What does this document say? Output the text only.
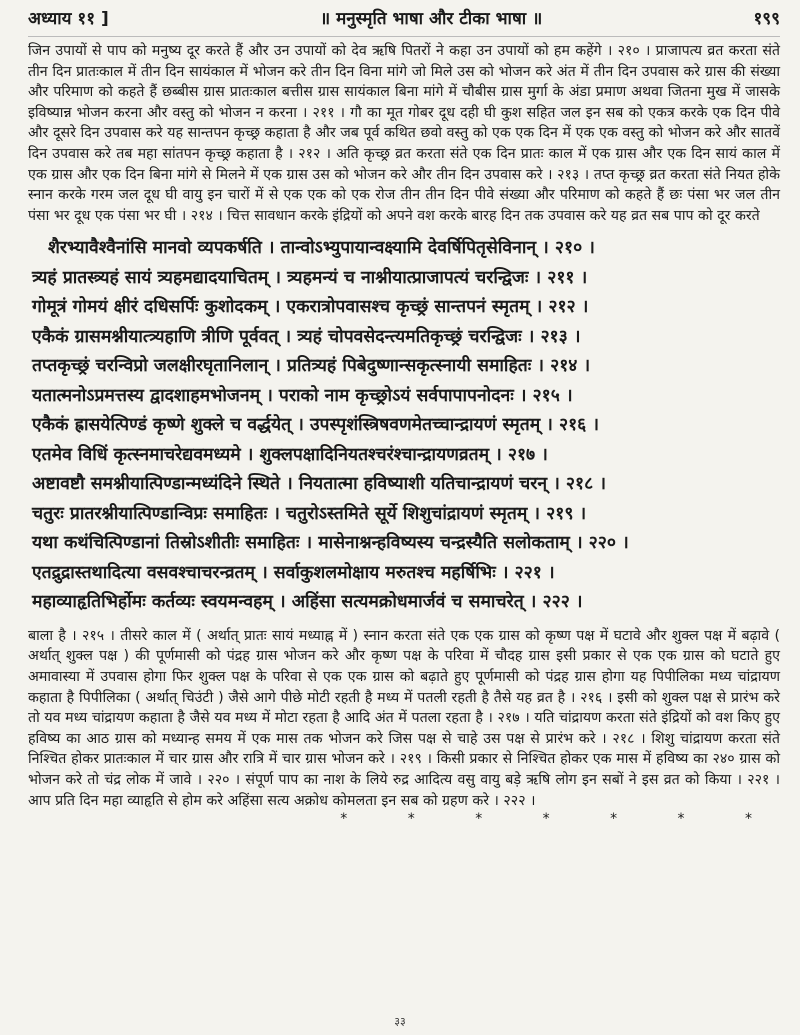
अध्याय ११ ]	॥ मनुस्मृति भाषा और टीका भाषा ॥	१९९

जिन उपायों से पाप को मनुष्य दूर करते हैं और उन उपायों को देव ऋषि पितरों ने कहा उन उपायों को हम कहेंगे । २१० । प्राजापत्य व्रत करता संते तीन दिन प्रातःकाल में तीन दिन सायंकाल में भोजन करे तीन दिन विना मांगे जो मिले उस को भोजन करे अंत में तीन दिन उपवास करे ग्रास की संख्या और परिमाण को कहते हैं छब्बीस ग्रास प्रातःकाल बत्तीस ग्रास सायंकाल बिना मांगे में चौबीस ग्रास मुर्गा के अंडा प्रमाण अथवा जितना मुख में जासके इविष्यान्न भोजन करना और वस्तु को भोजन न करना । २११ । गौ का मूत गोबर दूध दही घी कुश सहित जल इन सब को एकत्र करके एक दिन पीवे और दूसरे दिन उपवास करे यह सान्तपन कृच्छ्र कहाता है और जब पूर्व कथित छवो वस्तु को एक एक दिन में एक एक वस्तु को भोजन करे और सातवें दिन उपवास करे तब महा सांतपन कृच्छ्र कहाता है । २१२ । अति कृच्छ्र व्रत करता संते एक दिन प्रातः काल में एक ग्रास और एक दिन सायं काल में एक ग्रास और एक दिन बिना मांगे से मिलने में एक ग्रास उस को भोजन करे और तीन दिन उपवास करे । २१३ । तप्त कृच्छ्र व्रत करता संते नियत होके स्नान करके गरम जल दूध घी वायु इन चारों में से एक एक को एक रोज तीन तीन दिन पीवे संख्या और परिमाण को कहते हैं छः पंसा भर जल तीन पंसा भर दूध एक पंसा भर घी । २१४ । चित्त सावधान करके इंद्रियों को अपने वश करके बारह दिन तक उपवास करे यह व्रत सब पाप को दूर करते

शैरभ्यावैश्वैनांसि मानवो व्यपकर्षति । तान्वोऽभ्युपायान्वक्ष्यामि देवर्षिपितृसेविनान् । २१० ।
त्र्यहं प्रातस्त्र्यहं सायं त्र्यहमद्यादयाचितम् । त्र्यहमन्यं च नाश्नीयात्प्राजापत्यं चरन्द्विजः । २११ ।
गोमूत्रं गोमयं क्षीरं दधिसर्पिः कुशोदकम् । एकरात्रोपवासश्च कृच्छ्रं सान्तपनं स्मृतम् । २१२ ।
एकैकं ग्रासमश्नीयात्त्र्यहाणि त्रीणि पूर्ववत् । त्र्यहं चोपवसेदन्त्यमतिकृच्छ्रं चरन्द्विजः । २१३ ।
तप्तकृच्छ्रं चरन्विप्रो जलक्षीरघृतानिलान् । प्रतित्र्यहं पिबेदुष्णान्सकृत्स्नायी समाहितः । २१४ ।
यतात्मनोऽप्रमत्तस्य द्वादशाहमभोजनम् । पराको नाम कृच्छ्रोऽयं सर्वपापापनोदनः । २१५ ।
एकैकं ह्रासयेत्पिण्डं कृष्णे शुक्ले च वर्द्धयेत् । उपस्पृशंस्त्रिषवणमेतच्चान्द्रायणं स्मृतम् । २१६ ।
एतमेव विधिं कृत्स्नमाचरेद्यवमध्यमे । शुक्लपक्षादिनियतश्चरंश्चान्द्रायणव्रतम् । २१७ ।
अष्टावष्टौ समश्नीयात्पिण्डान्मध्यंदिने स्थिते । नियतात्मा हविष्याशी यतिचान्द्रायणं चरन् । २१८ ।
चतुरः प्रातरश्नीयात्पिण्डान्विप्रः समाहितः । चतुरोऽस्तमिते सूर्ये शिशुचांद्रायणं स्मृतम् । २१९ ।
यथा कथंचित्पिण्डानां तिस्रोऽशीतीः समाहितः । मासेनाश्नन्हविष्यस्य चन्द्रस्यैति सलोकताम् । २२० ।
एतद्रुद्रास्तथादित्या वसवश्चाचरन्व्रतम् । सर्वाकुशलमोक्षाय मरुतश्च महर्षिभिः । २२१ ।
महाव्याहृतिभिर्होमः कर्तव्यः स्वयमन्वहम् । अहिंसा सत्यमक्रोधमार्जवं च समाचरेत् । २२२ ।

बाला है । २१५ । तीसरे काल में ( अर्थात् प्रातः सायं मध्याह्न में ) स्नान करता संते एक एक ग्रास को कृष्ण पक्ष में घटावे और शुक्ल पक्ष में बढ़ावे ( अर्थात् शुक्ल पक्ष ) की पूर्णमासी को पंद्रह ग्रास भोजन करे और कृष्ण पक्ष के परिवा में चौदह ग्रास इसी प्रकार से एक एक ग्रास को घटाते हुए अमावास्या में उपवास होगा फिर शुक्ल पक्ष के परिवा से एक एक ग्रास को बढ़ाते हुए पूर्णमासी को पंद्रह ग्रास होगा यह पिपीलिका मध्य चांद्रायण कहाता है पिपीलिका ( अर्थात् चिउंटी ) जैसे आगे पीछे मोटी रहती है मध्य में पतली रहती है तैसे यह व्रत है । २१६ । इसी को शुक्ल पक्ष से प्रारंभ करे तो यव मध्य चांद्रायण कहाता है जैसे यव मध्य में मोटा रहता है आदि अंत में पतला रहता है । २१७ । यति चांद्रायण करता संते इंद्रियों को वश किए हुए हविष्य का आठ ग्रास को मध्यान्ह समय में एक मास तक भोजन करे जिस पक्ष से चाहे उस पक्ष से प्रारंभ करे । २१८ । शिशु चांद्रायण करता संते निश्चित होकर प्रातःकाल में चार ग्रास और रात्रि में चार ग्रास भोजन करे । २१९ । किसी प्रकार से निश्चित होकर एक मास में हविष्य का २४० ग्रास को भोजन करे तो चंद्र लोक में जावे । २२० । संपूर्ण पाप का नाश के लिये रुद्र आदित्य वसु वायु बड़े ऋषि लोग इन सबों ने इस व्रत को किया । २२१ । आप प्रति दिन महा व्याहृति से होम करे अहिंसा सत्य अक्रोध कोमलता इन सब को ग्रहण करे । २२२ ।

* * * * * * *
३३
